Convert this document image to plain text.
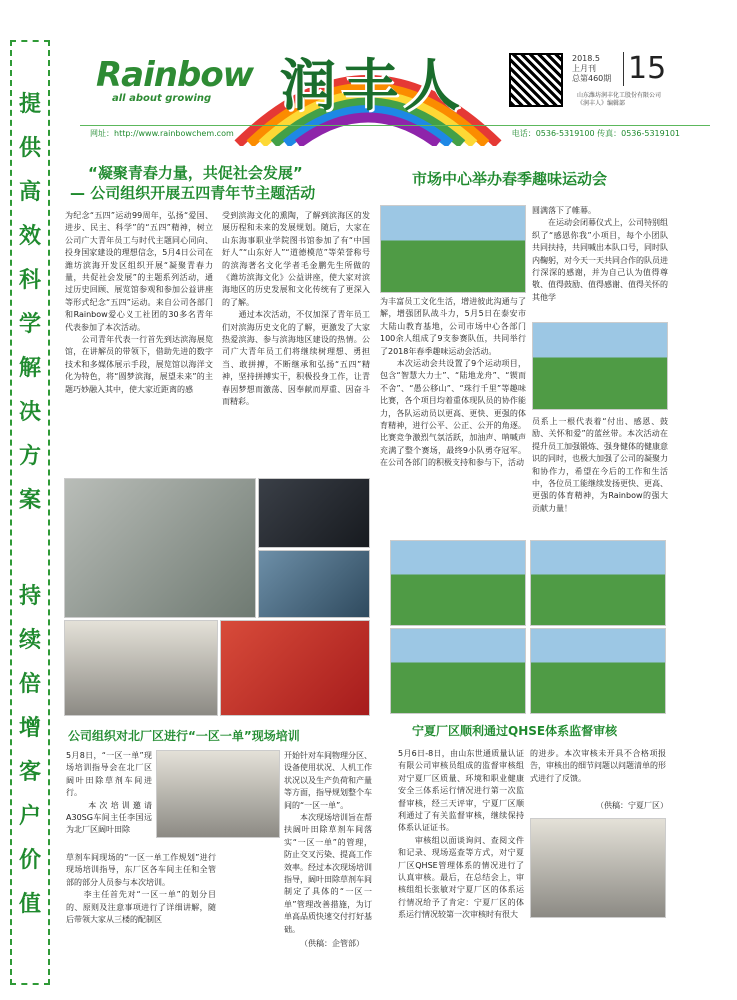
提
供
高
效
科
学
解
决
方
案
持
续
倍
增
客
户
价
值
Rainbow
all about growing 润丰人	2018.5
上月刊
总第460期 15
山东潍坊润丰化工股份有限公司
《润丰人》编辑部
网址：http://www.rainbowchem.com	电话：0536-5319100 传真：0536-5319101
“凝聚青春力量，共促社会发展”
— 公司组织开展五四青年节主题活动
为纪念“五四”运动99周年，弘扬“爱国、进步、民主、科学”的“五四”精神，树立公司广大青年员工与时代主题同心同向、投身国家建设的理想信念，5月4日公司在潍坊滨海开发区组织开展“凝聚青春力量，共促社会发展”的主题系列活动，通过历史回顾、展览馆参观和参加公益讲座等形式纪念“五四”运动。来自公司各部门和Rainbow爱心义工社团的30多名青年代表参加了本次活动。
　　公司青年代表一行首先到达滨海展览馆，在讲解员的带领下，借助先进的数字技术和多媒体展示手段，展览馆以海洋文化为特色，将“圆梦滨海，展望未来”的主题巧妙融入其中，使大家近距离的感
受到滨海文化的熏陶，了解到滨海区的发展历程和未来的发展规划。随后，大家在山东海事职业学院图书馆参加了有“中国好人”“山东好人”“道德模范”等荣誉称号的滨海著名文化学者毛金鹏先生所做的《潍坊滨海文化》公益讲座，使大家对滨海地区的历史发展和文化传统有了更深入的了解。
　　通过本次活动，不仅加深了青年员工们对滨海历史文化的了解，更激发了大家热爱滨海、参与滨海地区建设的热情。公司广大青年员工们将继续树理想、勇担当、敢拼搏，不断继承和弘扬“五四”精神，坚持拼搏实干，积极投身工作，让青春因梦想而激荡、因奉献而厚重、因奋斗而精彩。
市场中心举办春季趣味运动会
为丰富员工文化生活，增进彼此沟通与了解，增强团队战斗力，5月5日在泰安市大陆山教育基地，公司市场中心各部门100余人组成了9支参赛队伍，共同举行了2018年春季趣味运动会活动。
　　本次运动会共设置了9个运动项目，包含“智慧大力士”、“陆地龙舟”、“锲而不舍”、“愚公移山”、“珠行千里”等趣味比赛，各个项目均着重体现队员的协作能力，各队运动员以更高、更快、更强的体育精神，进行公平、公正、公开的角逐。比赛竞争激烈气氛活跃，加油声、呐喊声充满了整个赛场，最终9小队勇夺冠军。在公司各部门的积极支持和参与下，活动
圆满落下了帷幕。
　　在运动会闭幕仪式上，公司特别组织了“感恩你我”小项目，每个小团队共同扶持，共同喊出本队口号，同时队内鞠躬，对今天一天共同合作的队员进行深深的感谢，并为自己认为值得尊敬、值得鼓励、值得感谢、值得关怀的其他学
员系上一根代表着“付出、感恩、鼓励、关怀和爱”的蓝丝带。本次活动在提升员工加强锻炼、强身健体的健康意识的同时，也极大加强了公司的凝聚力和协作力，希望在今后的工作和生活中，各位员工能继续发扬更快、更高、更强的体育精神，为Rainbow的强大贡献力量！
公司组织对北厂区进行“一区一单”现场培训
5月8日，“一区一单”现场培训指导会在北厂区阔叶田除草剂车间进行。
　　本次培训邀请A30SG车间主任李国远为北厂区阔叶田除
草剂车间现场的“一区一单工作规划”进行现场培训指导，东厂区各车间主任和全管部的部分人员参与本次培训。
　　李主任首先对“一区一单”的划分目的、原则及注意事项进行了详细讲解，随后带领大家从三楼的配制区
开始针对车间物理分区、设备使用状况、人机工作状况以及生产负荷和产量等方面，指导规划整个车间的“一区一单”。
　　本次现场培训旨在帮扶阔叶田除草剂车间落实“一区一单”的管理，防止交叉污染、提高工作效率。经过本次现场培训指导，阔叶田除草剂车间制定了具体的“一区一单”管理改善措施，为订单高品质快速交付打好基础。
（供稿：企管部）
宁夏厂区顺利通过QHSE体系监督审核
5月6日-8日，由山东世通质量认证有限公司审核员组成的监督审核组对宁夏厂区质量、环境和职业健康安全三体系运行情况进行第一次监督审核，经三天评审，宁夏厂区顺利通过了有关监督审核，继续保持体系认证证书。
　　审核组以面谈询问、查阅文件和记录、现场巡查等方式，对宁夏厂区QHSE管理体系的情况进行了认真审核。最后，在总结会上，审核组组长张敏对宁夏厂区的体系运行情况给予了肯定：宁夏厂区的体系运行情况较第一次审核时有很大
的进步。本次审核未开具不合格项报告，审核出的细节问题以问题清单的形式进行了反馈。
（供稿：宁夏厂区）
